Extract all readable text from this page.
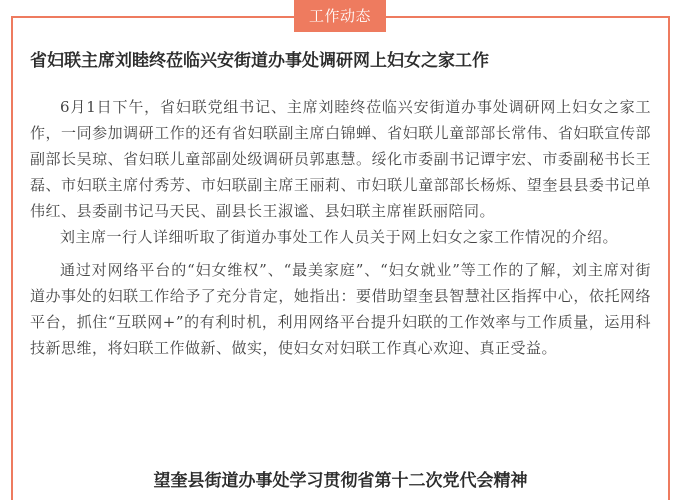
工作动态
省妇联主席刘睦终莅临兴安街道办事处调研网上妇女之家工作

6月1日下午，省妇联党组书记、主席刘睦终莅临兴安街道办事处调研网上妇女之家工作，一同参加调研工作的还有省妇联副主席白锦蝉、省妇联儿童部部长常伟、省妇联宣传部副部长吴琼、省妇联儿童部副处级调研员郭惠慧。绥化市委副书记谭宇宏、市委副秘书长王磊、市妇联主席付秀芳、市妇联副主席王丽莉、市妇联儿童部部长杨烁、望奎县县委书记单伟红、县委副书记马天民、副县长王淑谧、县妇联主席崔跃丽陪同。

刘主席一行人详细听取了街道办事处工作人员关于网上妇女之家工作情况的介绍。

通过对网络平台的“妇女维权”、“最美家庭”、“妇女就业”等工作的了解，刘主席对街道办事处的妇联工作给予了充分肯定，她指出：要借助望奎县智慧社区指挥中心，依托网络平台，抓住“互联网+”的有利时机，利用网络平台提升妇联的工作效率与工作质量，运用科技新思维，将妇联工作做新、做实，使妇女对妇联工作真心欢迎、真正受益。

望奎县街道办事处学习贯彻省第十二次党代会精神
